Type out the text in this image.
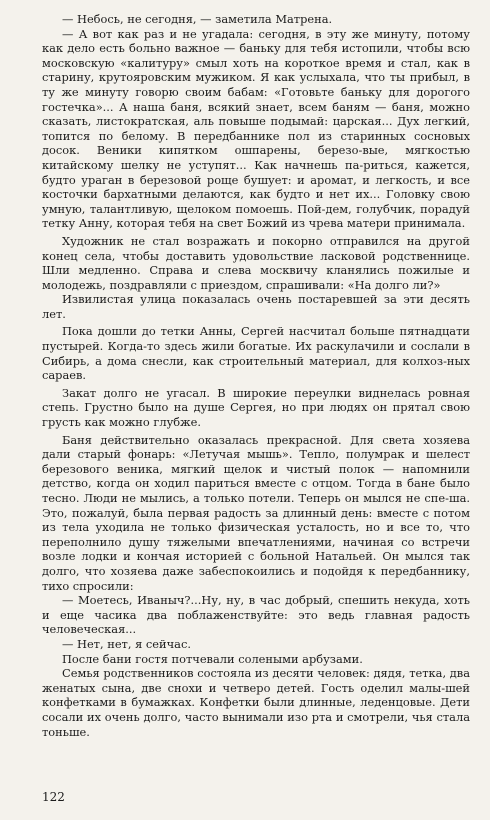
— Небось, не сегодня, — заметила Матрена.

— А вот как раз и не угадала: сегодня, в эту же минуту, потому как дело есть больно важное — баньку для тебя истопили, чтобы всю московскую «калитуру» смыл хоть на короткое время и стал, как в старину, крутояровским мужиком. Я как услыхала, что ты прибыл, в ту же минуту говорю своим бабам: «Готовьте баньку для дорогого гостечка»... А наша баня, всякий знает, всем баням — баня, можно сказать, листократская, аль повыше подымай: царская... Дух легкий, топится по белому. В передбаннике пол из старинных сосновых досок. Веники кипятком ошпарены, березо-вые, мягкостью китайскому шелку не уступят... Как начнешь па-риться, кажется, будто ураган в березовой роще бушует: и аромат, и легкость, и все косточки бархатными делаются, как будто и нет их... Головку свою умную, талантливую, щелоком помоешь. Пой-дем, голубчик, порадуй тетку Анну, которая тебя на свет Божий из чрева матери принимала.

Художник не стал возражать и покорно отправился на другой конец села, чтобы доставить удовольствие ласковой родственнице. Шли медленно. Справа и слева москвичу кланялись пожилые и молодежь, поздравляли с приездом, спрашивали: «На долго ли?»

Извилистая улица показалась очень постаревшей за эти десять лет.

Пока дошли до тетки Анны, Сергей насчитал больше пятнадцати пустырей. Когда-то здесь жили богатые. Их раскулачили и сослали в Сибирь, а дома снесли, как строительный материал, для колхоз-ных сараев.

Закат долго не угасал. В широкие переулки виднелась ровная степь. Грустно было на душе Сергея, но при людях он прятал свою грусть как можно глубже.

Баня действительно оказалась прекрасной. Для света хозяева дали старый фонарь: «Летучая мышь». Тепло, полумрак и шелест березового веника, мягкий щелок и чистый полок — напомнили детство, когда он ходил париться вместе с отцом. Тогда в бане было тесно. Люди не мылись, а только потели. Теперь он мылся не спе-ша. Это, пожалуй, была первая радость за длинный день: вместе с потом из тела уходила не только физическая усталость, но и все то, что переполнило душу тяжелыми впечатлениями, начиная со встречи возле лодки и кончая историей с больной Натальей. Он мылся так долго, что хозяева даже забеспокоились и подойдя к передбаннику, тихо спросили:

— Моетесь, Иваныч?...Ну, ну, в час добрый, спешить некуда, хоть и еще часика два поблаженствуйте: это ведь главная радость человеческая...

— Нет, нет, я сейчас.

После бани гостя потчевали солеными арбузами.

Семья родственников состояла из десяти человек: дядя, тетка, два женатых сына, две снохи и четверо детей. Гость оделил малы-шей конфетками в бумажках. Конфетки были длинные, леденцовые. Дети сосали их очень долго, часто вынимали изо рта и смотрели, чья стала тоньше.

122
